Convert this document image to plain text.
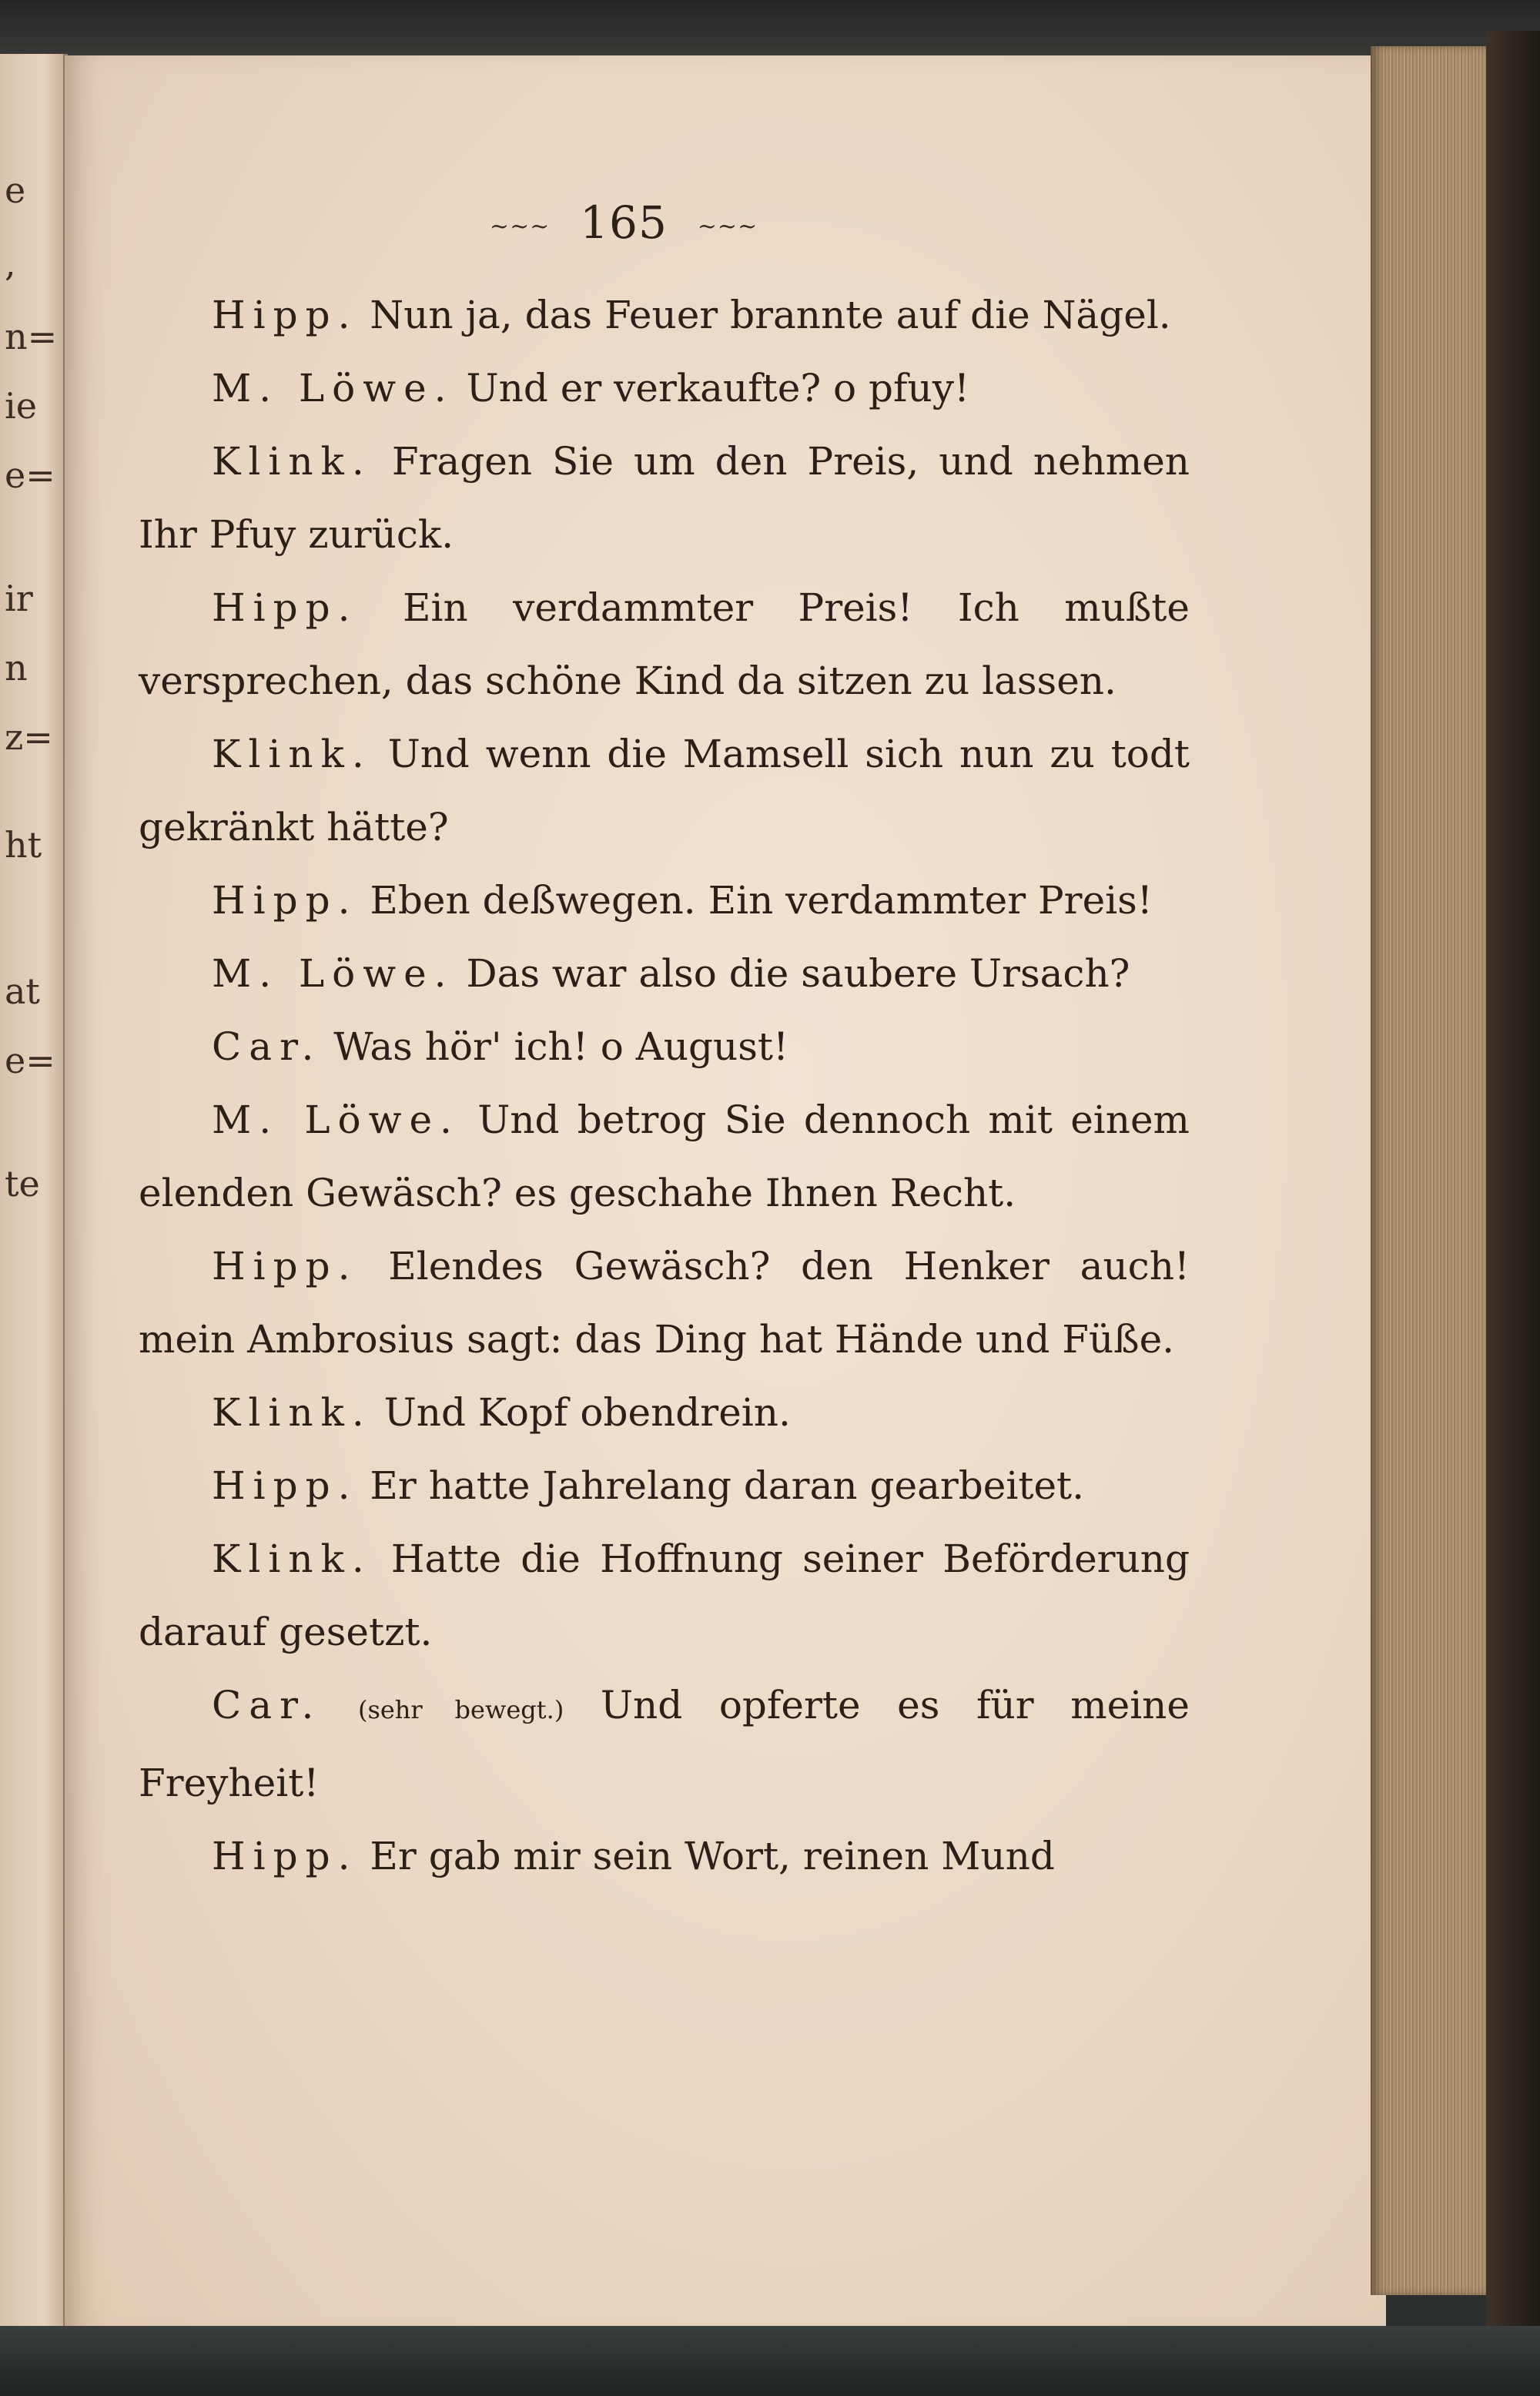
e
,
n=
ie
e=
ir
n
z=
ht
at
e=
te
~~~ 165 ~~~

Hipp. Nun ja, das Feuer brannte auf die Nägel.

M. Löwe. Und er verkaufte? o pfuy!

Klink. Fragen Sie um den Preis, und nehmen Ihr Pfuy zurück.

Hipp. Ein verdammter Preis! Ich mußte versprechen, das schöne Kind da sitzen zu lassen.

Klink. Und wenn die Mamsell sich nun zu todt gekränkt hätte?

Hipp. Eben deßwegen. Ein verdammter Preis!

M. Löwe. Das war also die saubere Ursach?

Car. Was hör' ich! o August!

M. Löwe. Und betrog Sie dennoch mit einem elenden Gewäsch? es geschahe Ihnen Recht.

Hipp. Elendes Gewäsch? den Henker auch! mein Ambrosius sagt: das Ding hat Hände und Füße.

Klink. Und Kopf obendrein.

Hipp. Er hatte Jahrelang daran gearbeitet.

Klink. Hatte die Hoffnung seiner Beförderung darauf gesetzt.

Car. (sehr bewegt.) Und opferte es für meine Freyheit!

Hipp. Er gab mir sein Wort, reinen Mund
